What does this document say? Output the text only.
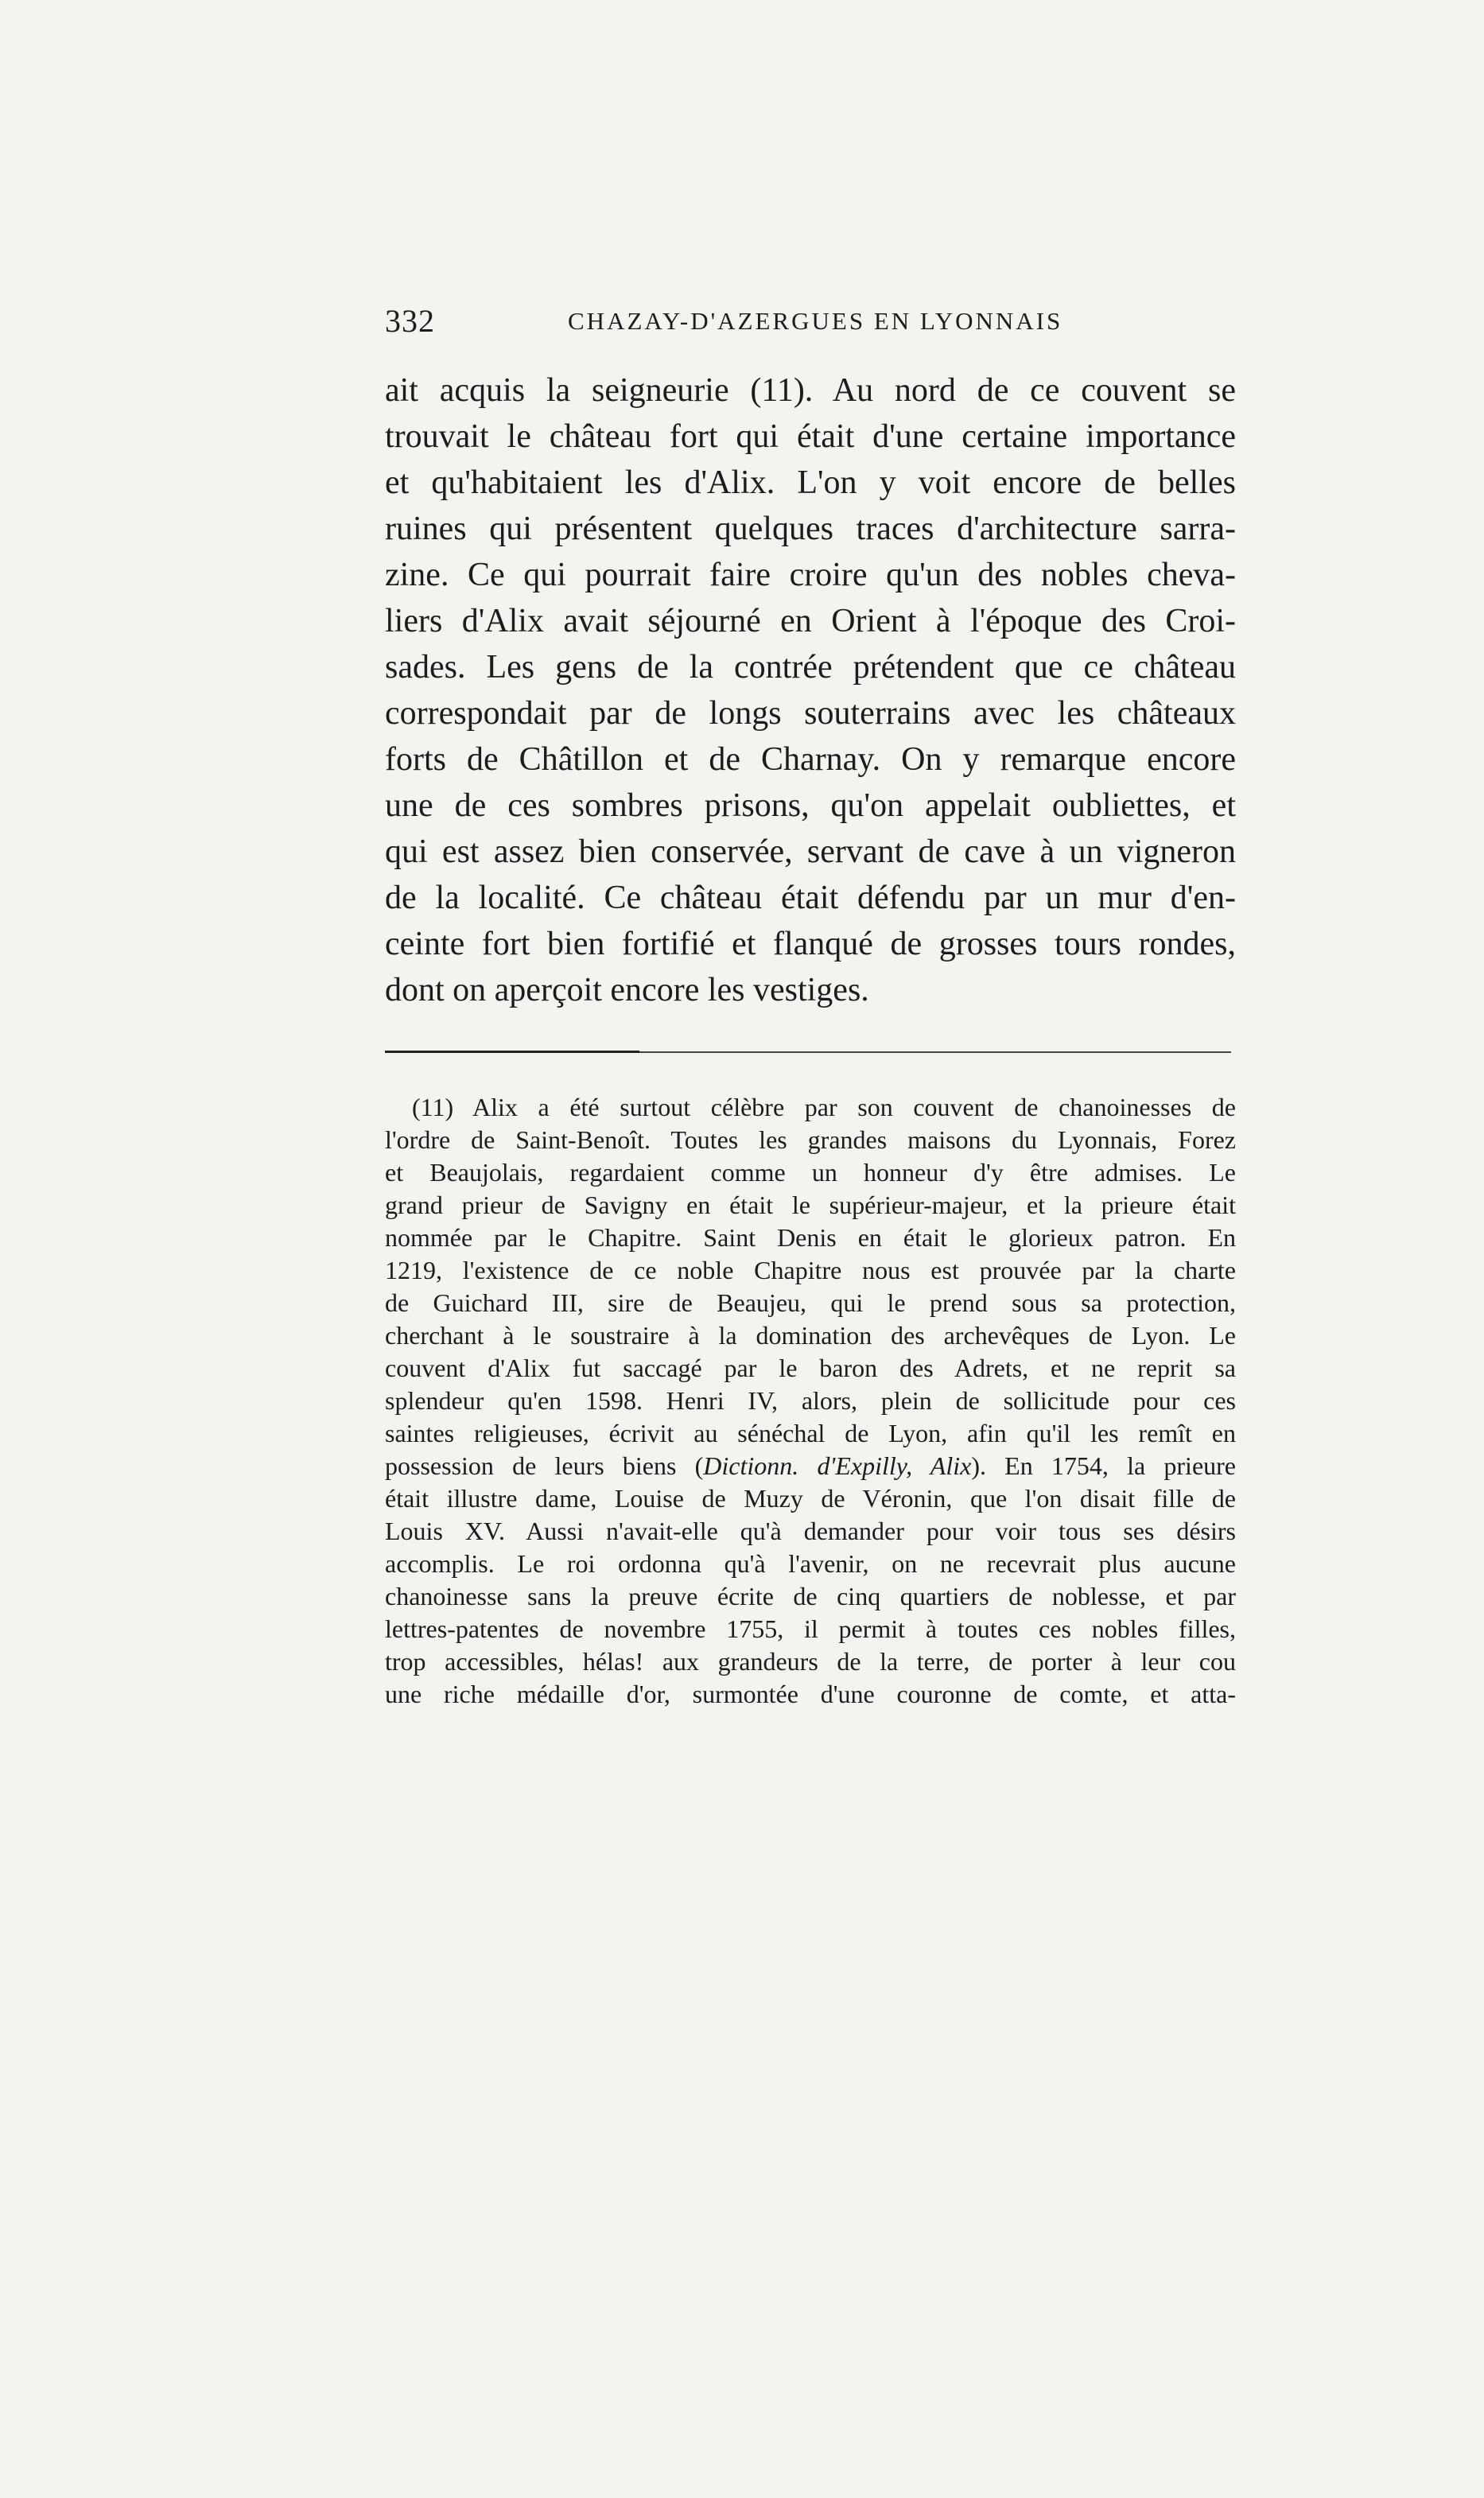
332	CHAZAY-D'AZERGUES EN LYONNAIS

ait acquis la seigneurie (11). Au nord de ce couvent se
trouvait le château fort qui était d'une certaine importance
et qu'habitaient les d'Alix. L'on y voit encore de belles
ruines qui présentent quelques traces d'architecture sarra-
zine. Ce qui pourrait faire croire qu'un des nobles cheva-
liers d'Alix avait séjourné en Orient à l'époque des Croi-
sades. Les gens de la contrée prétendent que ce château
correspondait par de longs souterrains avec les châteaux
forts de Châtillon et de Charnay. On y remarque encore
une de ces sombres prisons, qu'on appelait oubliettes, et
qui est assez bien conservée, servant de cave à un vigneron
de la localité. Ce château était défendu par un mur d'en-
ceinte fort bien fortifié et flanqué de grosses tours rondes,
dont on aperçoit encore les vestiges.

(11) Alix a été surtout célèbre par son couvent de chanoinesses de
l'ordre de Saint-Benoît. Toutes les grandes maisons du Lyonnais, Forez
et Beaujolais, regardaient comme un honneur d'y être admises. Le
grand prieur de Savigny en était le supérieur-majeur, et la prieure était
nommée par le Chapitre. Saint Denis en était le glorieux patron. En
1219, l'existence de ce noble Chapitre nous est prouvée par la charte
de Guichard III, sire de Beaujeu, qui le prend sous sa protection,
cherchant à le soustraire à la domination des archevêques de Lyon. Le
couvent d'Alix fut saccagé par le baron des Adrets, et ne reprit sa
splendeur qu'en 1598. Henri IV, alors, plein de sollicitude pour ces
saintes religieuses, écrivit au sénéchal de Lyon, afin qu'il les remît en
possession de leurs biens (Dictionn. d'Expilly, Alix). En 1754, la prieure
était illustre dame, Louise de Muzy de Véronin, que l'on disait fille de
Louis XV. Aussi n'avait-elle qu'à demander pour voir tous ses désirs
accomplis. Le roi ordonna qu'à l'avenir, on ne recevrait plus aucune
chanoinesse sans la preuve écrite de cinq quartiers de noblesse, et par
lettres-patentes de novembre 1755, il permit à toutes ces nobles filles,
trop accessibles, hélas! aux grandeurs de la terre, de porter à leur cou
une riche médaille d'or, surmontée d'une couronne de comte, et atta-
